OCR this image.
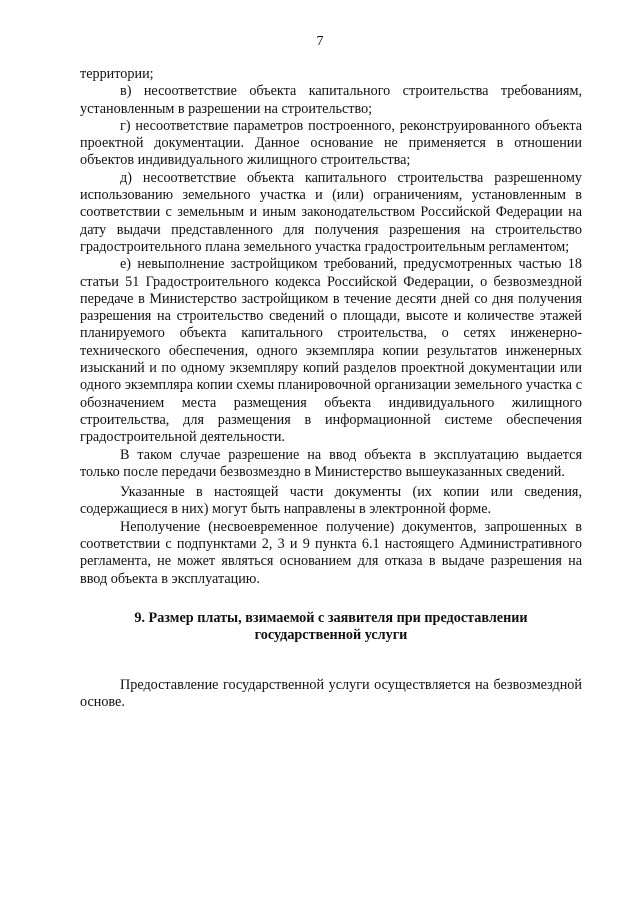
7

территории;

в) несоответствие объекта капитального строительства требованиям, установленным в разрешении на строительство;

г) несоответствие параметров построенного, реконструированного объекта проектной документации. Данное основание не применяется в отношении объектов индивидуального жилищного строительства;

д) несоответствие объекта капитального строительства разрешенному использованию земельного участка и (или) ограничениям, установленным в соответствии с земельным и иным законодательством Российской Федерации на дату выдачи представленного для получения разрешения на строительство градостроительного плана земельного участка градостроительным регламентом;

е) невыполнение застройщиком требований, предусмотренных частью 18 статьи 51 Градостроительного кодекса Российской Федерации, о безвозмездной передаче в Министерство застройщиком в течение десяти дней со дня получения разрешения на строительство сведений о площади, высоте и количестве этажей планируемого объекта капитального строительства, о сетях инженерно-технического обеспечения, одного экземпляра копии результатов инженерных изысканий и по одному экземпляру копий разделов проектной документации или одного экземпляра копии схемы планировочной организации земельного участка с обозначением места размещения объекта индивидуального жилищного строительства, для размещения в информационной системе обеспечения градостроительной деятельности.

В таком случае разрешение на ввод объекта в эксплуатацию выдается только после передачи безвозмездно в Министерство вышеуказанных сведений.

Указанные в настоящей части документы (их копии или сведения, содержащиеся в них) могут быть направлены в электронной форме.

Неполучение (несвоевременное получение) документов, запрошенных в соответствии с подпунктами 2, 3 и 9 пункта 6.1 настоящего Административного регламента, не может являться основанием для отказа в выдаче разрешения на ввод объекта в эксплуатацию.

9. Размер платы, взимаемой с заявителя при предоставлении
государственной услуги

Предоставление государственной услуги осуществляется на безвозмездной основе.
